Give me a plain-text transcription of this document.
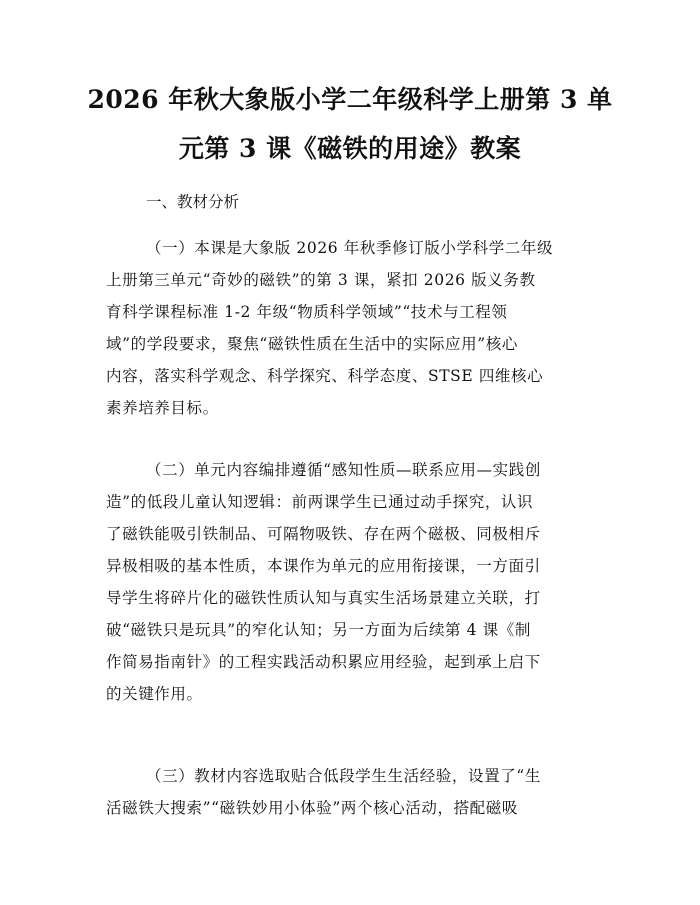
2026 年秋大象版小学二年级科学上册第 3 单
元第 3 课《磁铁的用途》教案
一、教材分析
（一）本课是大象版 2026 年秋季修订版小学科学二年级
上册第三单元“奇妙的磁铁”的第 3 课，紧扣 2026 版义务教
育科学课程标准 1-2 年级“物质科学领域”“技术与工程领
域”的学段要求，聚焦“磁铁性质在生活中的实际应用”核心
内容，落实科学观念、科学探究、科学态度、STSE 四维核心
素养培养目标。
（二）单元内容编排遵循“感知性质—联系应用—实践创
造”的低段儿童认知逻辑：前两课学生已通过动手探究，认识
了磁铁能吸引铁制品、可隔物吸铁、存在两个磁极、同极相斥
异极相吸的基本性质，本课作为单元的应用衔接课，一方面引
导学生将碎片化的磁铁性质认知与真实生活场景建立关联，打
破“磁铁只是玩具”的窄化认知；另一方面为后续第 4 课《制
作简易指南针》的工程实践活动积累应用经验，起到承上启下
的关键作用。
（三）教材内容选取贴合低段学生生活经验，设置了“生
活磁铁大搜索”“磁铁妙用小体验”两个核心活动，搭配磁吸
